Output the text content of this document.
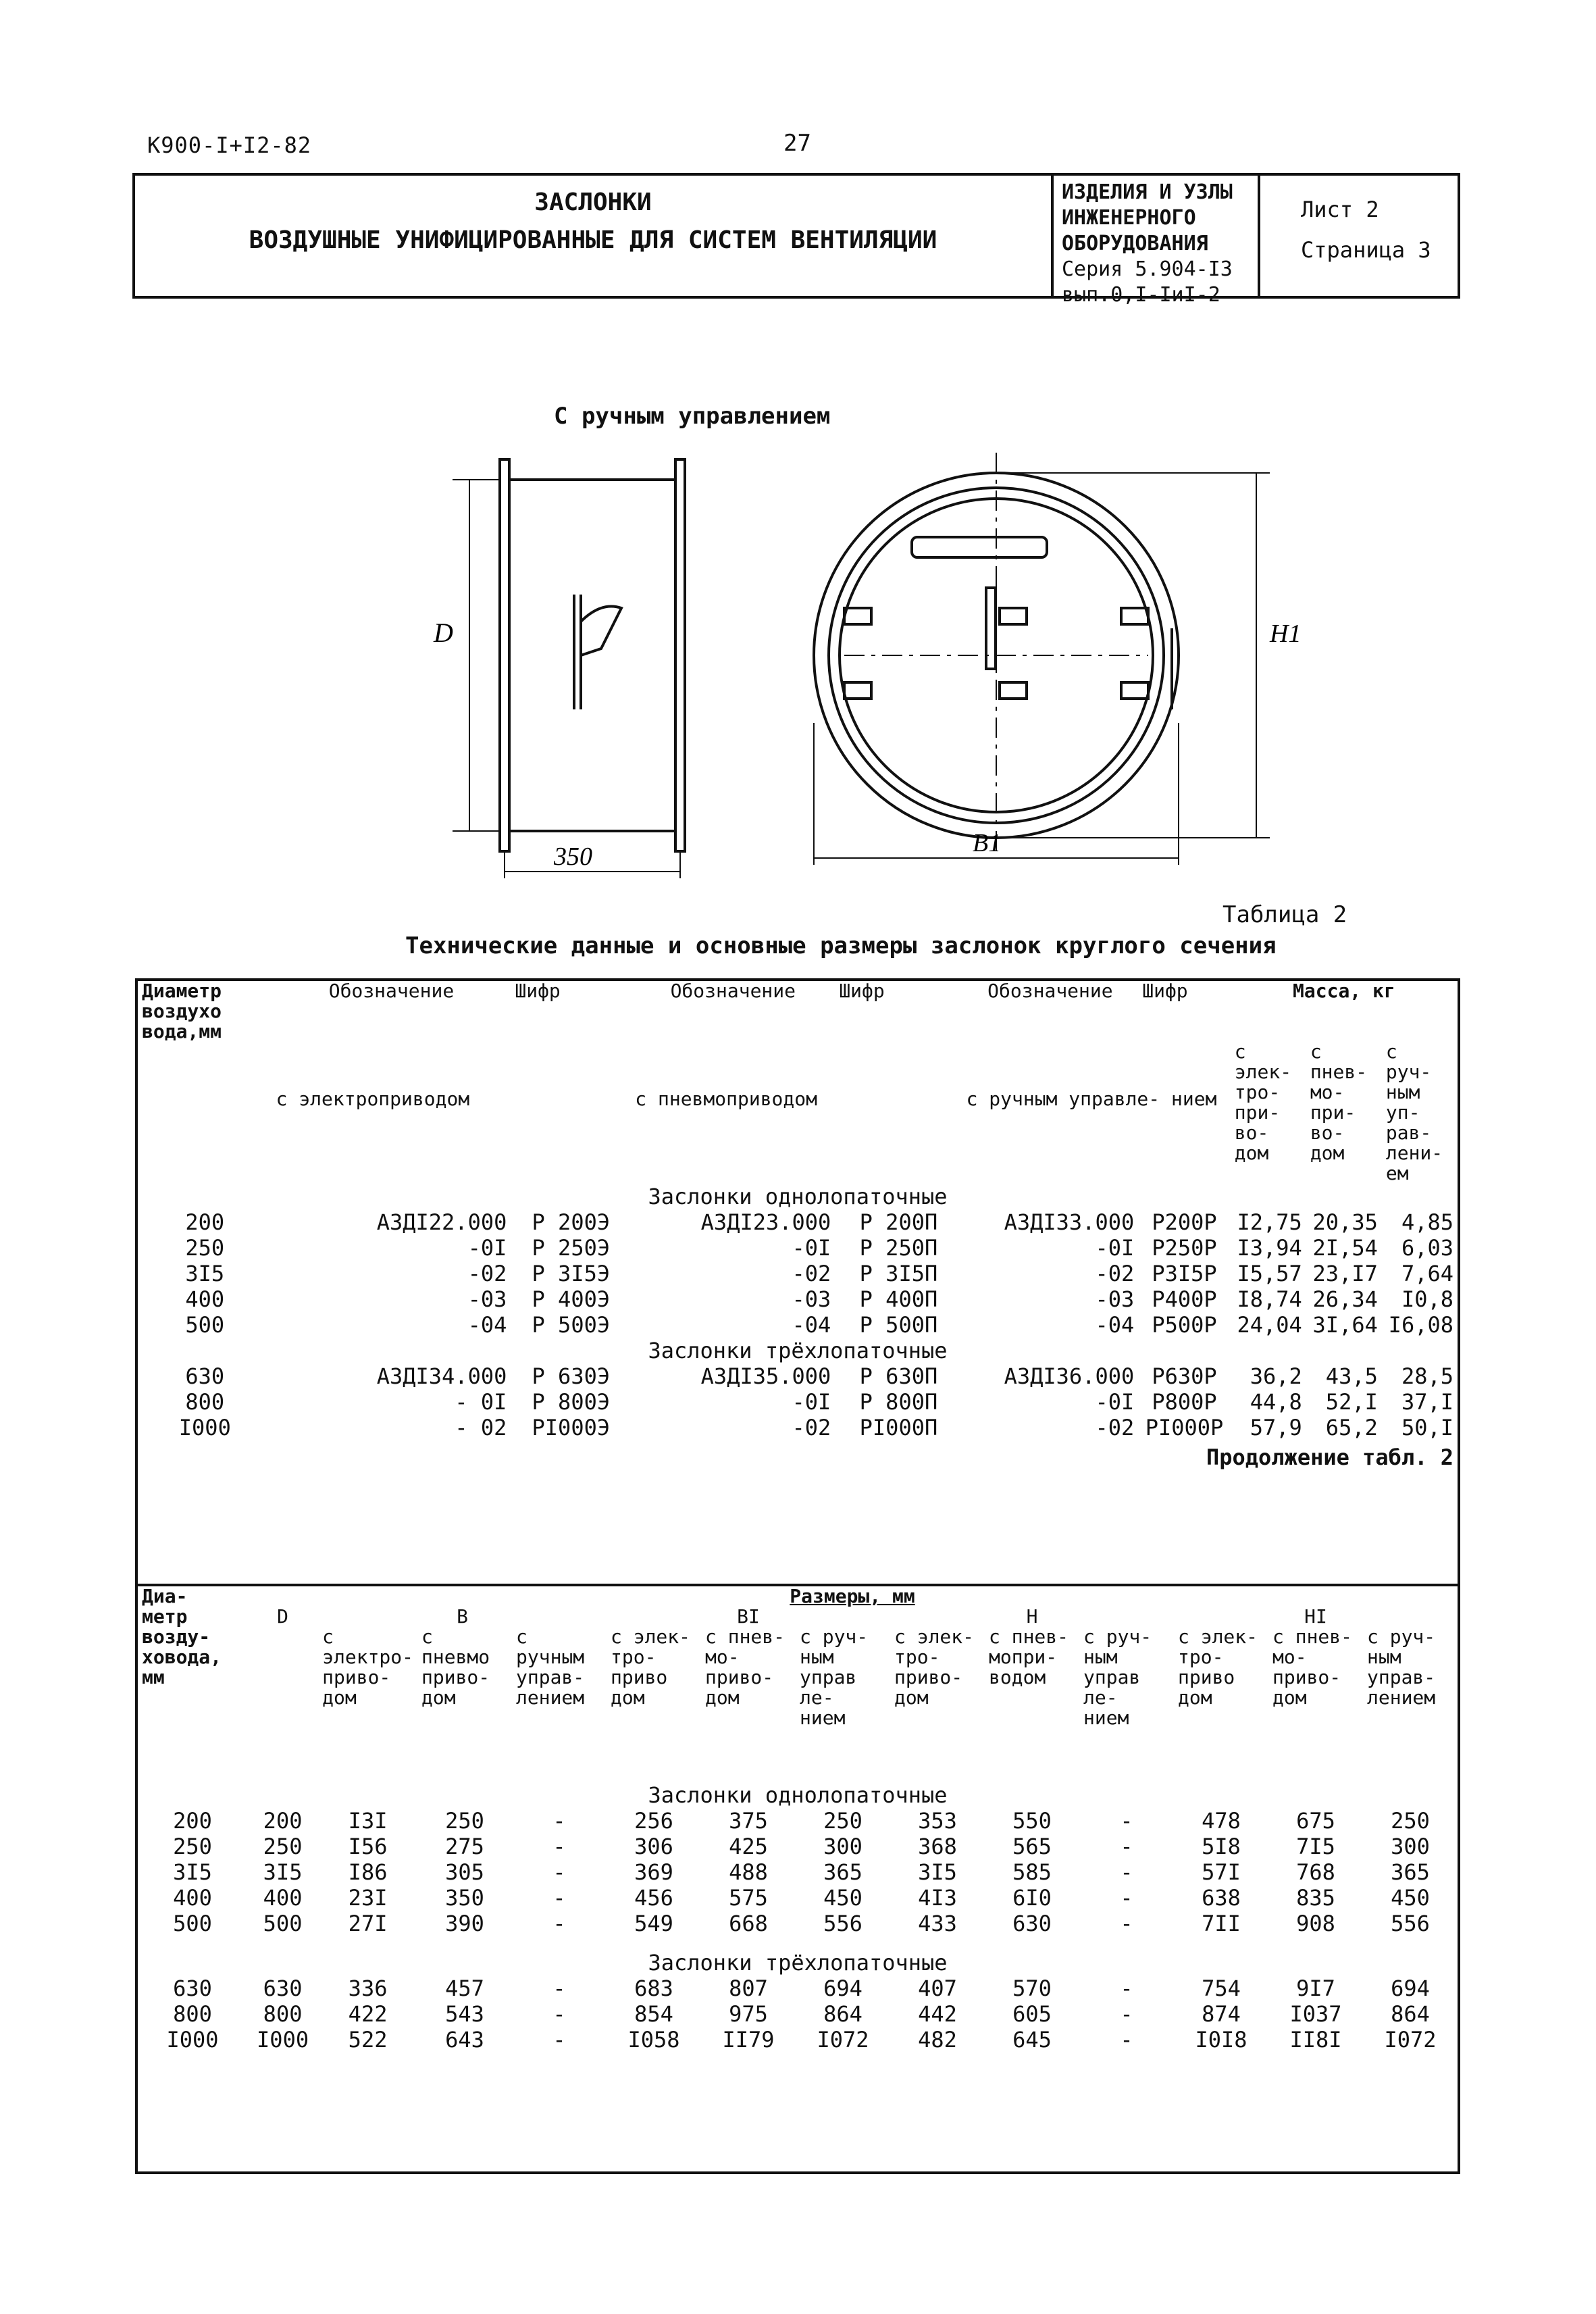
К900-I+I2-82	27
ЗАСЛОНКИ
ВОЗДУШНЫЕ УНИФИЦИРОВАННЫЕ ДЛЯ СИСТЕМ ВЕНТИЛЯЦИИ
ИЗДЕЛИЯ И УЗЛЫ
ИНЖЕНЕРНОГО
ОБОРУДОВАНИЯ
Серия 5.904-I3
вып.0,I-IиI-2
Лист 2
Страница 3
С ручным управлением
D
350
H1
B1
Таблица 2
Технические данные и основные размеры заслонок круглого сечения
Диаметр воздухо вода,мм	Обозначение	Шифр	Обозначение	Шифр	Обозначение	Шифр	Масса, кг		
	с электроприводом		с пневмоприводом		с ручным управле- нием		с элек- тро- при- во- дом	с пнев- мо- при- во- дом	с руч- ным уп- рав- лени- ем
Заслонки однолопаточные									
200	АЗДI22.000	Р 200Э	АЗДI23.000	Р 200П	АЗДI33.000	Р200Р	I2,75	20,35	4,85
250	-0I	Р 250Э	-0I	Р 250П	-0I	Р250Р	I3,94	2I,54	6,03
3I5	-02	Р 3I5Э	-02	Р 3I5П	-02	Р3I5Р	I5,57	23,I7	7,64
400	-03	Р 400Э	-03	Р 400П	-03	Р400Р	I8,74	26,34	I0,8
500	-04	Р 500Э	-04	Р 500П	-04	Р500Р	24,04	3I,64	I6,08
Заслонки трёхлопаточные									
630	АЗДI34.000	Р 630Э	АЗДI35.000	Р 630П	АЗДI36.000	Р630Р	36,2	43,5	28,5
800	- 0I	Р 800Э	-0I	Р 800П	-0I	Р800Р	44,8	52,I	37,I
I000	- 02	РI000Э	-02	РI000П	-02	РI000Р	57,9	65,2	50,I
Продолжение табл. 2									
Диа- метр возду- ховода, мм	Размеры, мм												
	D	B			BI			H			HI		
		с электро- приво- дом	с пневмо приво- дом	с ручным управ- лением	с элек- тро- приво дом	с пнев- мо- приво- дом	с руч- ным управ ле- нием	с элек- тро- приво- дом	с пнев- мопри- водом	с руч- ным управ ле- нием	с элек- тро- приво дом	с пнев- мо- приво- дом	с руч- ным управ- лением
Заслонки однолопаточные													
200	200	I3I	250	-	256	375	250	353	550	-	478	675	250
250	250	I56	275	-	306	425	300	368	565	-	5I8	7I5	300
3I5	3I5	I86	305	-	369	488	365	3I5	585	-	57I	768	365
400	400	23I	350	-	456	575	450	4I3	6I0	-	638	835	450
500	500	27I	390	-	549	668	556	433	630	-	7II	908	556
Заслонки трёхлопаточные													
630	630	336	457	-	683	807	694	407	570	-	754	9I7	694
800	800	422	543	-	854	975	864	442	605	-	874	I037	864
I000	I000	522	643	-	I058	II79	I072	482	645	-	I0I8	II8I	I072
